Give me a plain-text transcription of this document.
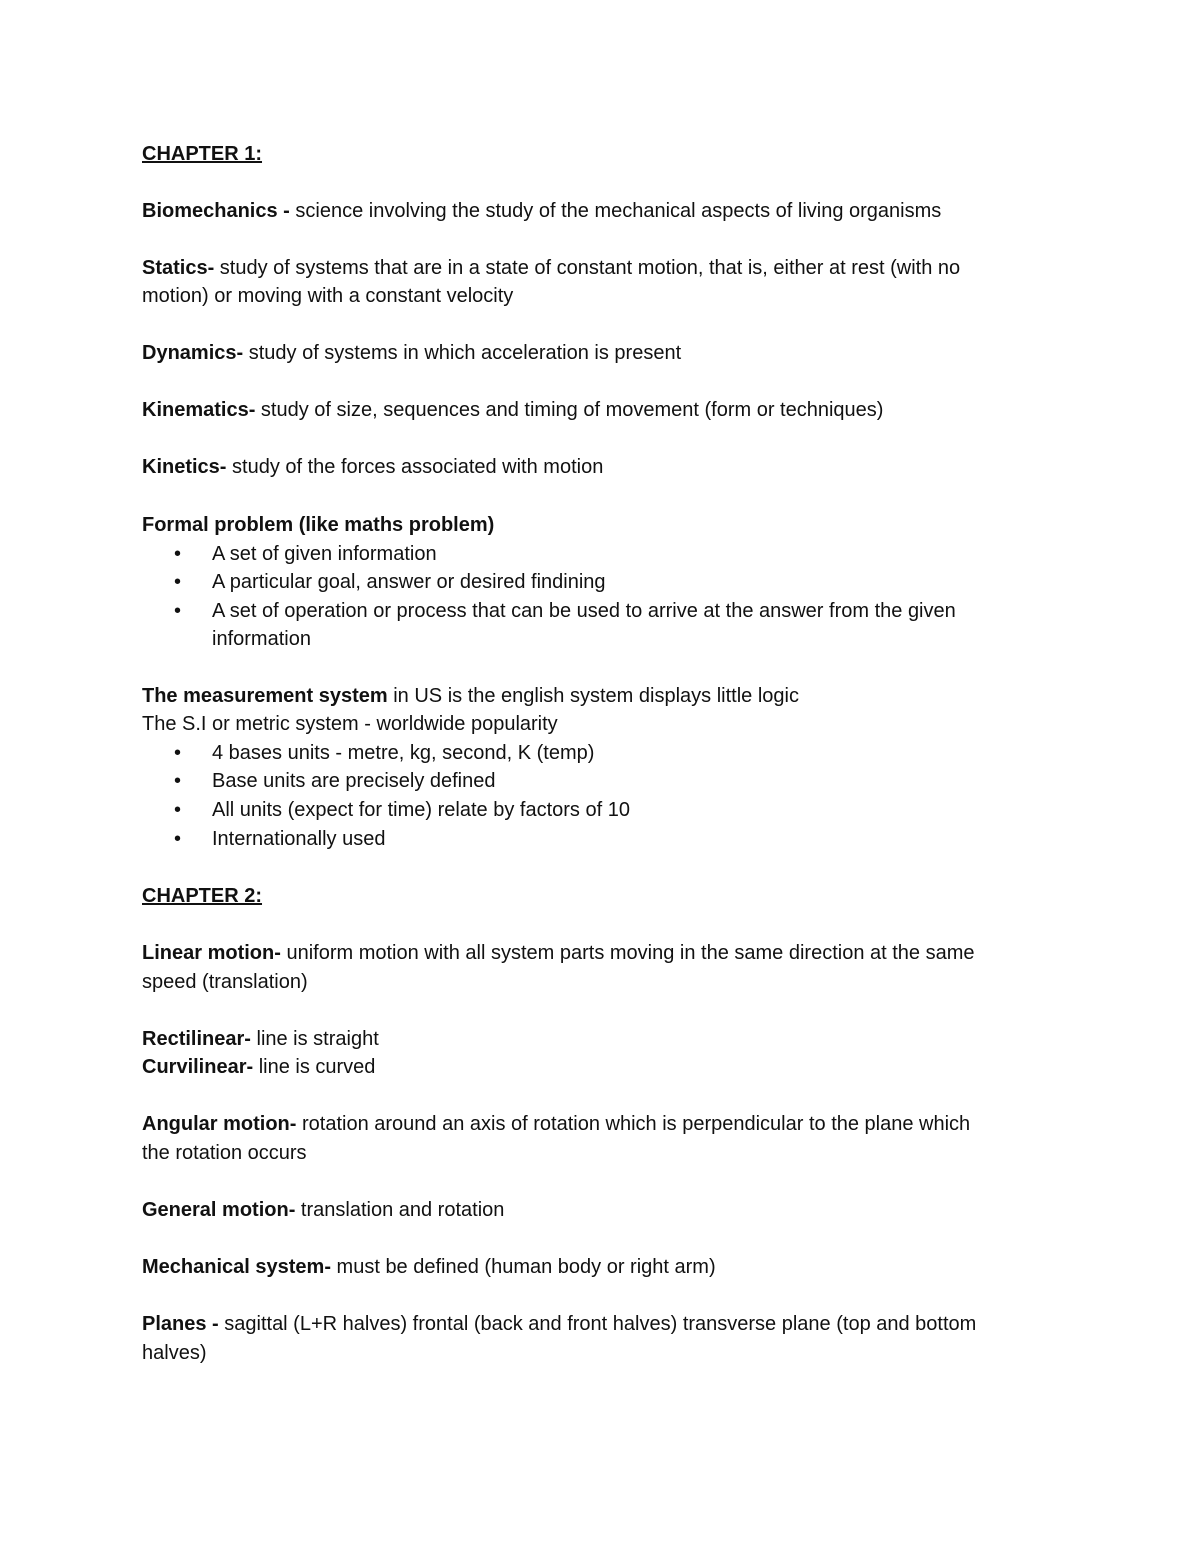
CHAPTER 1:
Biomechanics - science involving the study of the mechanical aspects of living organisms
Statics- study of systems that are in a state of constant motion, that is, either at rest (with no
motion) or moving with a constant velocity
Dynamics- study of systems in which acceleration is present
Kinematics- study of size, sequences and timing of movement (form or techniques)
Kinetics- study of the forces associated with motion
Formal problem (like maths problem)
• A set of given information
• A particular goal, answer or desired findining
• A set of operation or process that can be used to arrive at the answer from the given
information
The measurement system in US is the english system displays little logic
The S.I or metric system - worldwide popularity
• 4 bases units - metre, kg, second, K (temp)
• Base units are precisely defined
• All units (expect for time) relate by factors of 10
• Internationally used
CHAPTER 2:
Linear motion- uniform motion with all system parts moving in the same direction at the same
speed (translation)
Rectilinear- line is straight
Curvilinear- line is curved
Angular motion- rotation around an axis of rotation which is perpendicular to the plane which
the rotation occurs
General motion- translation and rotation
Mechanical system- must be defined (human body or right arm)
Planes - sagittal (L+R halves) frontal (back and front halves) transverse plane (top and bottom
halves)
